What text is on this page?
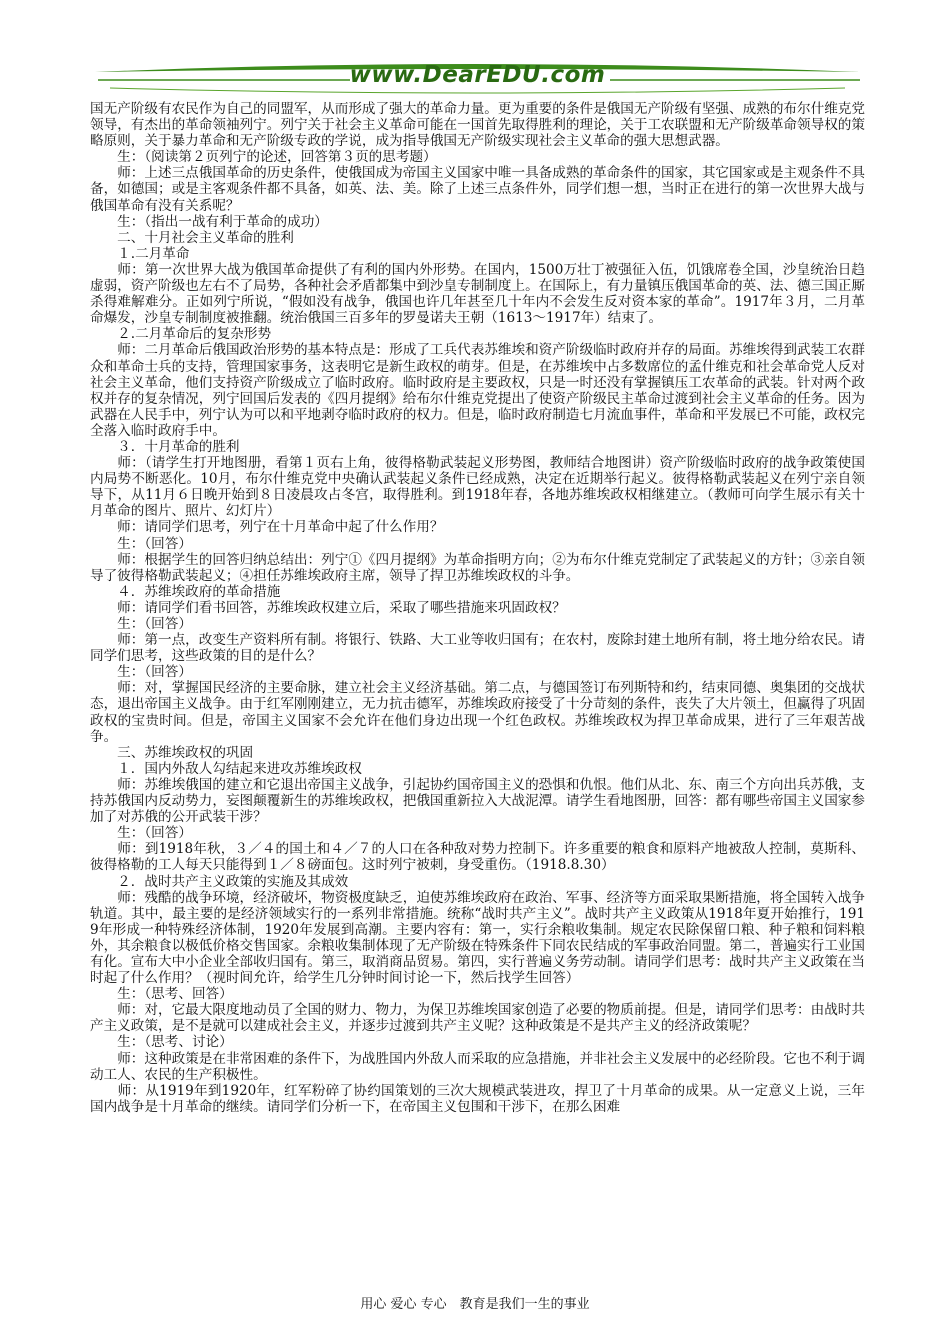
www.DearEDU.com

国无产阶级有农民作为自己的同盟军，从而形成了强大的革命力量。更为重要的条件是俄国无产阶级有坚强、成熟的布尔什维克党领导，有杰出的革命领袖列宁。列宁关于社会主义革命可能在一国首先取得胜利的理论，关于工农联盟和无产阶级革命领导权的策略原则，关于暴力革命和无产阶级专政的学说，成为指导俄国无产阶级实现社会主义革命的强大思想武器。

　　生：（阅读第２页列宁的论述，回答第３页的思考题）

　　师：上述三点俄国革命的历史条件，使俄国成为帝国主义国家中唯一具备成熟的革命条件的国家，其它国家或是主观条件不具备，如德国；或是主客观条件都不具备，如英、法、美。除了上述三点条件外，同学们想一想，当时正在进行的第一次世界大战与俄国革命有没有关系呢？

　　生：（指出一战有利于革命的成功）

　　二、十月社会主义革命的胜利

　　１.二月革命

　　师：第一次世界大战为俄国革命提供了有利的国内外形势。在国内，1500万壮丁被强征入伍，饥饿席卷全国，沙皇统治日趋虚弱，资产阶级也左右不了局势，各种社会矛盾都集中到沙皇专制制度上。在国际上，有力量镇压俄国革命的英、法、德三国正厮杀得难解难分。正如列宁所说，“假如没有战争，俄国也许几年甚至几十年内不会发生反对资本家的革命”。1917年３月，二月革命爆发，沙皇专制制度被推翻。统治俄国三百多年的罗曼诺夫王朝（1613～1917年）结束了。

　　２.二月革命后的复杂形势

　　师：二月革命后俄国政治形势的基本特点是：形成了工兵代表苏维埃和资产阶级临时政府并存的局面。苏维埃得到武装工农群众和革命士兵的支持，管理国家事务，这表明它是新生政权的萌芽。但是，在苏维埃中占多数席位的孟什维克和社会革命党人反对社会主义革命，他们支持资产阶级成立了临时政府。临时政府是主要政权，只是一时还没有掌握镇压工农革命的武装。针对两个政权并存的复杂情况，列宁回国后发表的《四月提纲》给布尔什维克党提出了使资产阶级民主革命过渡到社会主义革命的任务。因为武器在人民手中，列宁认为可以和平地剥夺临时政府的权力。但是，临时政府制造七月流血事件，革命和平发展已不可能，政权完全落入临时政府手中。

　　３．十月革命的胜利

　　师：（请学生打开地图册，看第１页右上角，彼得格勒武装起义形势图，教师结合地图讲）资产阶级临时政府的战争政策使国内局势不断恶化。10月，布尔什维克党中央确认武装起义条件已经成熟，决定在近期举行起义。彼得格勒武装起义在列宁亲自领导下，从11月６日晚开始到８日凌晨攻占冬宫，取得胜利。到1918年春，各地苏维埃政权相继建立。（教师可向学生展示有关十月革命的图片、照片、幻灯片）

　　师：请同学们思考，列宁在十月革命中起了什么作用？

　　生：（回答）

　　师：根据学生的回答归纳总结出：列宁①《四月提纲》为革命指明方向；②为布尔什维克党制定了武装起义的方针；③亲自领导了彼得格勒武装起义；④担任苏维埃政府主席，领导了捍卫苏维埃政权的斗争。

　　４．苏维埃政府的革命措施

　　师：请同学们看书回答，苏维埃政权建立后，采取了哪些措施来巩固政权？

　　生：（回答）

　　师：第一点，改变生产资料所有制。将银行、铁路、大工业等收归国有；在农村，废除封建土地所有制，将土地分给农民。请同学们思考，这些政策的目的是什么？

　　生：（回答）

　　师：对，掌握国民经济的主要命脉，建立社会主义经济基础。第二点，与德国签订布列斯特和约，结束同德、奥集团的交战状态，退出帝国主义战争。由于红军刚刚建立，无力抗击德军，苏维埃政府接受了十分苛刻的条件，丧失了大片领土，但赢得了巩固政权的宝贵时间。但是，帝国主义国家不会允许在他们身边出现一个红色政权。苏维埃政权为捍卫革命成果，进行了三年艰苦战争。

　　三、苏维埃政权的巩固

　　１．国内外敌人勾结起来进攻苏维埃政权

　　师：苏维埃俄国的建立和它退出帝国主义战争，引起协约国帝国主义的恐惧和仇恨。他们从北、东、南三个方向出兵苏俄，支持苏俄国内反动势力，妄图颠覆新生的苏维埃政权，把俄国重新拉入大战泥潭。请学生看地图册，回答：都有哪些帝国主义国家参加了对苏俄的公开武装干涉？

　　生：（回答）

　　师：到1918年秋，３／４的国土和４／７的人口在各种敌对势力控制下。许多重要的粮食和原料产地被敌人控制，莫斯科、彼得格勒的工人每天只能得到１／８磅面包。这时列宁被刺，身受重伤。（1918.8.30）

　　２．战时共产主义政策的实施及其成效

　　师：残酷的战争环境，经济破坏，物资极度缺乏，迫使苏维埃政府在政治、军事、经济等方面采取果断措施，将全国转入战争轨道。其中，最主要的是经济领域实行的一系列非常措施。统称“战时共产主义”。战时共产主义政策从1918年夏开始推行，1919年形成一种特殊经济体制，1920年发展到高潮。主要内容有：第一，实行余粮收集制。规定农民除保留口粮、种子粮和饲料粮外，其余粮食以极低价格交售国家。余粮收集制体现了无产阶级在特殊条件下同农民结成的军事政治同盟。第二，普遍实行工业国有化。宣布大中小企业全部收归国有。第三，取消商品贸易。第四，实行普遍义务劳动制。请同学们思考：战时共产主义政策在当时起了什么作用？（视时间允许，给学生几分钟时间讨论一下，然后找学生回答）

　　生：（思考、回答）

　　师：对，它最大限度地动员了全国的财力、物力，为保卫苏维埃国家创造了必要的物质前提。但是，请同学们思考：由战时共产主义政策，是不是就可以建成社会主义，并逐步过渡到共产主义呢？这种政策是不是共产主义的经济政策呢？

　　生：（思考、讨论）

　　师：这种政策是在非常困难的条件下，为战胜国内外敌人而采取的应急措施，并非社会主义发展中的必经阶段。它也不利于调动工人、农民的生产积极性。

　　师：从1919年到1920年，红军粉碎了协约国策划的三次大规模武装进攻，捍卫了十月革命的成果。从一定意义上说，三年国内战争是十月革命的继续。请同学们分析一下，在帝国主义包围和干涉下，在那么困难

用心 爱心 专心　教育是我们一生的事业
